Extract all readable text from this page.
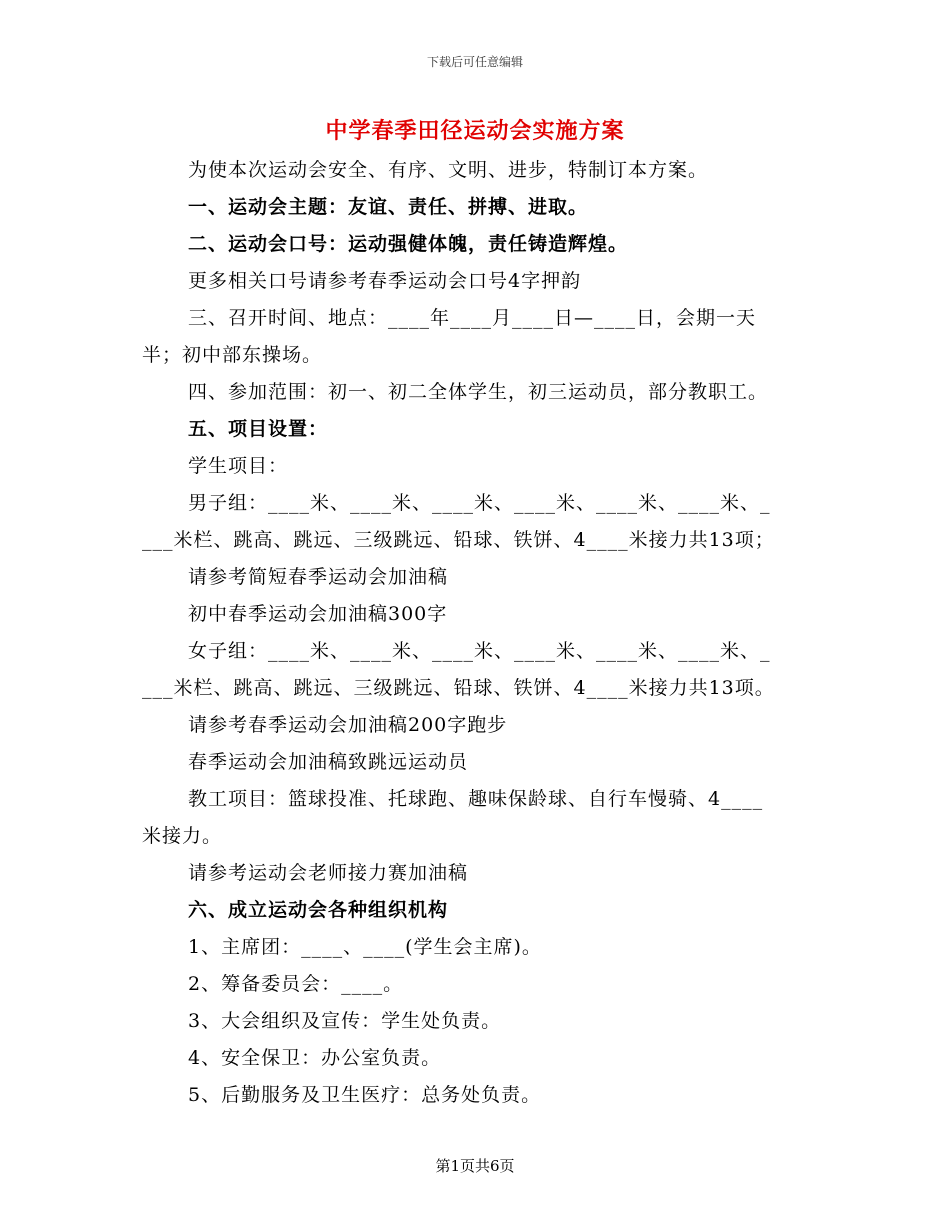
下载后可任意编辑
中学春季田径运动会实施方案
为使本次运动会安全、有序、文明、进步，特制订本方案。
一、运动会主题：友谊、责任、拼搏、进取。
二、运动会口号：运动强健体魄，责任铸造辉煌。
更多相关口号请参考春季运动会口号4字押韵
三、召开时间、地点：____年____月____日—____日，会期一天
半；初中部东操场。
四、参加范围：初一、初二全体学生，初三运动员，部分教职工。
五、项目设置：
学生项目：
男子组：____米、____米、____米、____米、____米、____米、_
___米栏、跳高、跳远、三级跳远、铅球、铁饼、4____米接力共13项；
请参考简短春季运动会加油稿
初中春季运动会加油稿300字
女子组：____米、____米、____米、____米、____米、____米、_
___米栏、跳高、跳远、三级跳远、铅球、铁饼、4____米接力共13项。
请参考春季运动会加油稿200字跑步
春季运动会加油稿致跳远运动员
教工项目：篮球投准、托球跑、趣味保龄球、自行车慢骑、4____
米接力。
请参考运动会老师接力赛加油稿
六、成立运动会各种组织机构
1、主席团：____、____(学生会主席)。
2、筹备委员会：____。
3、大会组织及宣传：学生处负责。
4、安全保卫：办公室负责。
5、后勤服务及卫生医疗：总务处负责。
第1页共6页
